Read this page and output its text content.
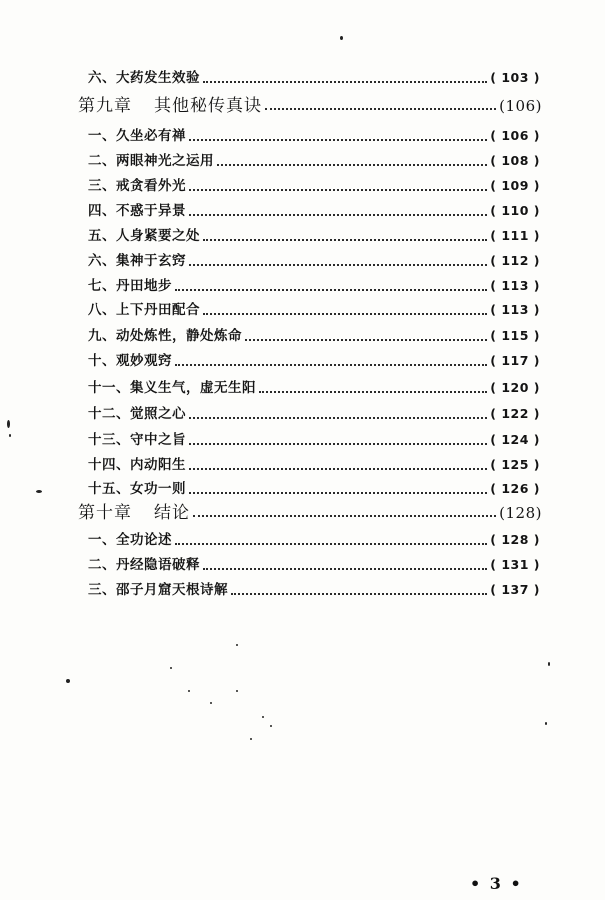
六、大药发生效验	( 103 )
第九章 其他秘传真诀	(106)
一、久坐必有禅	( 106 )
二、两眼神光之运用	( 108 )
三、戒贪看外光	( 109 )
四、不惑于异景	( 110 )
五、人身紧要之处	( 111 )
六、集神于玄窍	( 112 )
七、丹田地步	( 113 )
八、上下丹田配合	( 113 )
九、动处炼性，静处炼命	( 115 )
十、观妙观窍	( 117 )
十一、集义生气，虚无生阳	( 120 )
十二、觉照之心	( 122 )
十三、守中之旨	( 124 )
十四、内动阳生	( 125 )
十五、女功一则	( 126 )
第十章 结论	(128)
一、全功论述	( 128 )
二、丹经隐语破释	( 131 )
三、邵子月窟天根诗解	( 137 )
• 3 •
